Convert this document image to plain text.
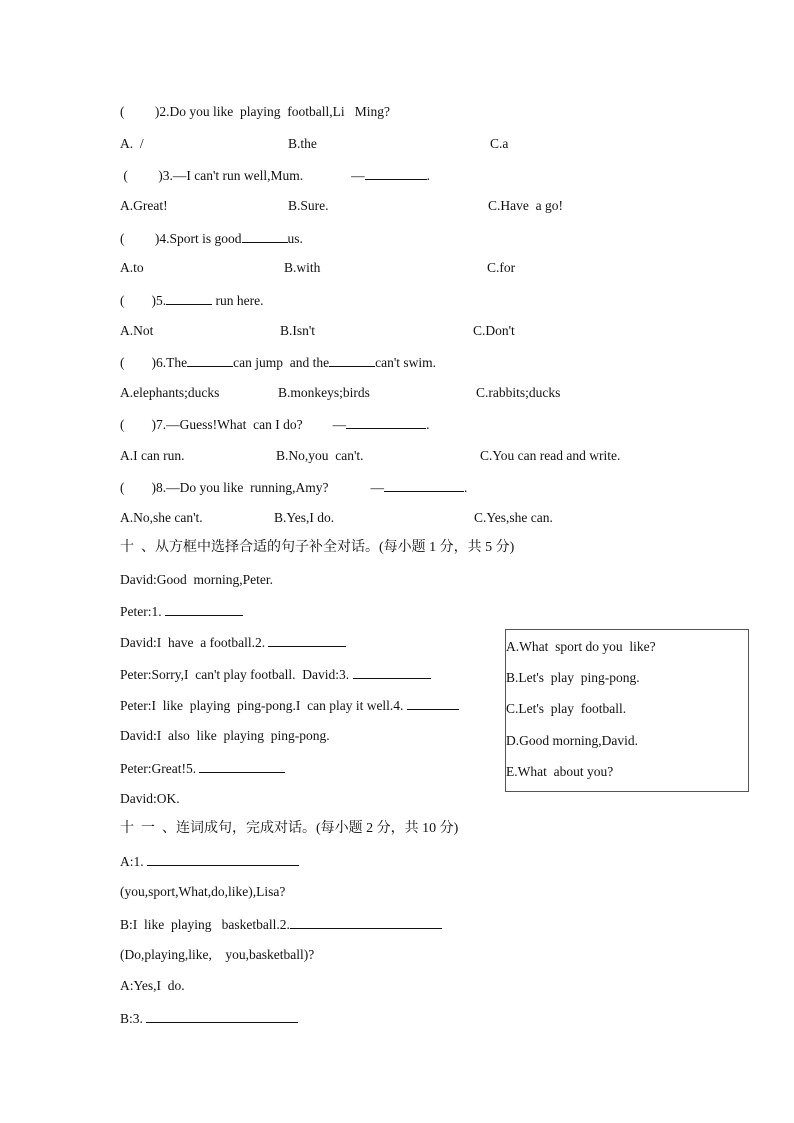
(         )2.Do you like  playing  football,Li   Ming?
A.  /	B.the	C.a
(         )3.—I can't run well,Mum.	—	.
A.Great!	B.Sure.	C.Have  a go!
(         )4.Sport is good	us.
A.to	B.with	C.for
(        )5.	run here.
A.Not	B.Isn't	C.Don't
(        )6.The	can jump  and the	can't swim.
A.elephants;ducks	B.monkeys;birds	C.rabbits;ducks
(        )7.—Guess!What  can I do? —	.
A.I can run.	B.No,you  can't.	C.You can read and write.
(        )8.—Do you like  running,Amy?	—	.
A.No,she can't.	B.Yes,I do.	C.Yes,she can.
十  、从方框中选择合适的句子补全对话。(每小题 1 分，共 5 分)
David:Good  morning,Peter.
Peter:1.
David:I  have  a football.2.
Peter:Sorry,I  can't play football.  David:3.
Peter:I  like  playing  ping-pong.I  can play it well.4.
David:I  also  like  playing  ping-pong.
Peter:Great!5.
David:OK.
A.What  sport do you  like?
B.Let's  play  ping-pong.
C.Let's  play  football.
D.Good morning,David.
E.What  about you?
十  一  、连词成句，完成对话。(每小题 2 分，共 10 分)
A:1.
(you,sport,What,do,like),Lisa?
B:I  like  playing   basketball.2.
(Do,playing,like,    you,basketball)?
A:Yes,I  do.
B:3.
